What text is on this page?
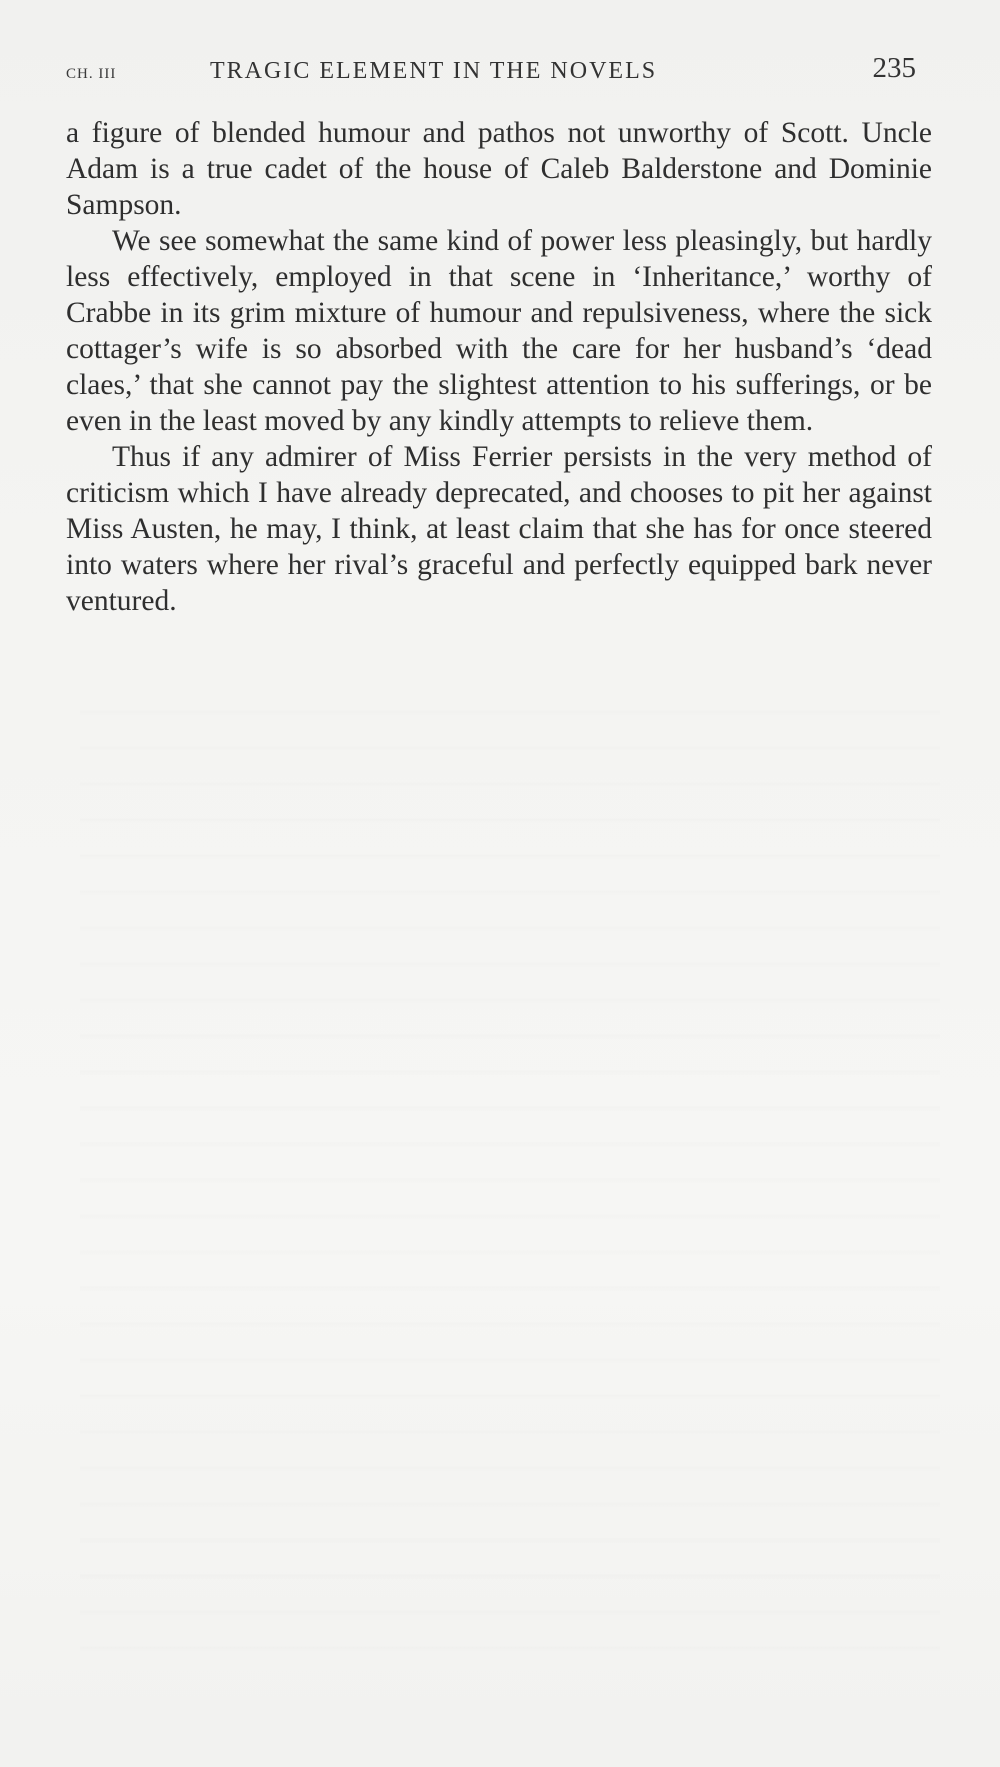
CH. III	TRAGIC ELEMENT IN THE NOVELS	235

a figure of blended humour and pathos not unworthy of Scott. Uncle Adam is a true cadet of the house of Caleb Balderstone and Dominie Sampson.

We see somewhat the same kind of power less pleasingly, but hardly less effectively, employed in that scene in ‘Inheritance,’ worthy of Crabbe in its grim mixture of humour and repulsiveness, where the sick cottager’s wife is so absorbed with the care for her husband’s ‘dead claes,’ that she cannot pay the slightest attention to his sufferings, or be even in the least moved by any kindly attempts to relieve them.

Thus if any admirer of Miss Ferrier persists in the very method of criticism which I have already deprecated, and chooses to pit her against Miss Austen, he may, I think, at least claim that she has for once steered into waters where her rival’s graceful and perfectly equipped bark never ventured.
